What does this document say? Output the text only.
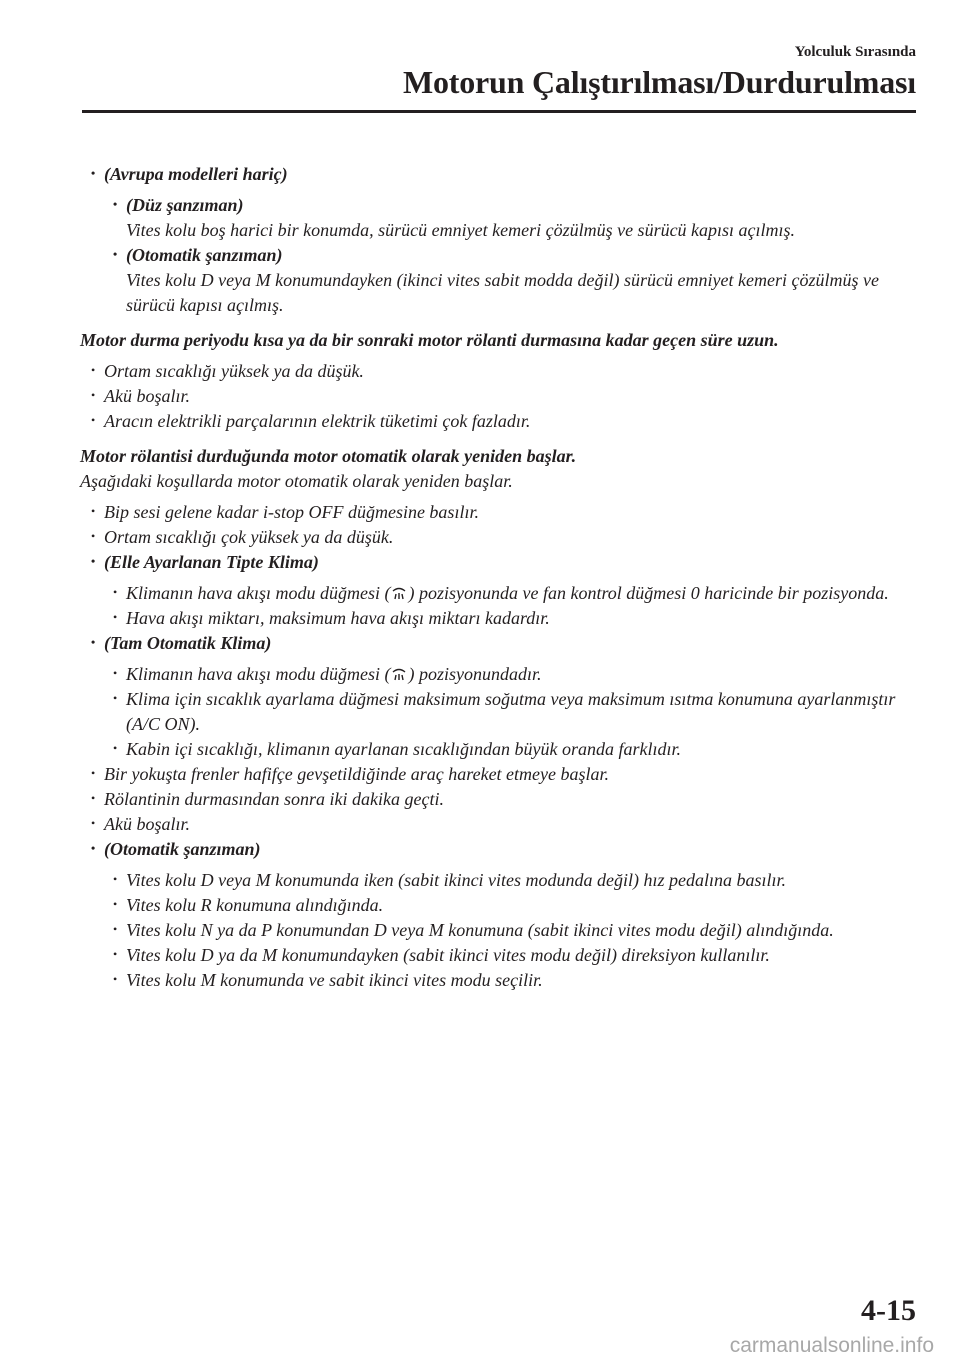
Yolculuk Sırasında
Motorun Çalıştırılması/Durdurulması

• (Avrupa modelleri hariç)

• (Düz şanzıman)

Vites kolu boş harici bir konumda, sürücü emniyet kemeri çözülmüş ve sürücü kapısı açılmış.

• (Otomatik şanzıman)

Vites kolu D veya M konumundayken (ikinci vites sabit modda değil) sürücü emniyet kemeri çözülmüş ve sürücü kapısı açılmış.

Motor durma periyodu kısa ya da bir sonraki motor rölanti durmasına kadar geçen süre uzun.

• Ortam sıcaklığı yüksek ya da düşük.

• Akü boşalır.

• Aracın elektrikli parçalarının elektrik tüketimi çok fazladır.

Motor rölantisi durduğunda motor otomatik olarak yeniden başlar.

Aşağıdaki koşullarda motor otomatik olarak yeniden başlar.

• Bip sesi gelene kadar i-stop OFF düğmesine basılır.

• Ortam sıcaklığı çok yüksek ya da düşük.

• (Elle Ayarlanan Tipte Klima)

• Klimanın hava akışı modu düğmesi ( ) pozisyonunda ve fan kontrol düğmesi 0 haricinde bir pozisyonda.

• Hava akışı miktarı, maksimum hava akışı miktarı kadardır.

• (Tam Otomatik Klima)

• Klimanın hava akışı modu düğmesi ( ) pozisyonundadır.

• Klima için sıcaklık ayarlama düğmesi maksimum soğutma veya maksimum ısıtma konumuna ayarlanmıştır (A/C ON).

• Kabin içi sıcaklığı, klimanın ayarlanan sıcaklığından büyük oranda farklıdır.

• Bir yokuşta frenler hafifçe gevşetildiğinde araç hareket etmeye başlar.

• Rölantinin durmasından sonra iki dakika geçti.

• Akü boşalır.

• (Otomatik şanzıman)

• Vites kolu D veya M konumunda iken (sabit ikinci vites modunda değil) hız pedalına basılır.

• Vites kolu R konumuna alındığında.

• Vites kolu N ya da P konumundan D veya M konumuna (sabit ikinci vites modu değil) alındığında.

• Vites kolu D ya da M konumundayken (sabit ikinci vites modu değil) direksiyon kullanılır.

• Vites kolu M konumunda ve sabit ikinci vites modu seçilir.

4-15
carmanualsonline.info
